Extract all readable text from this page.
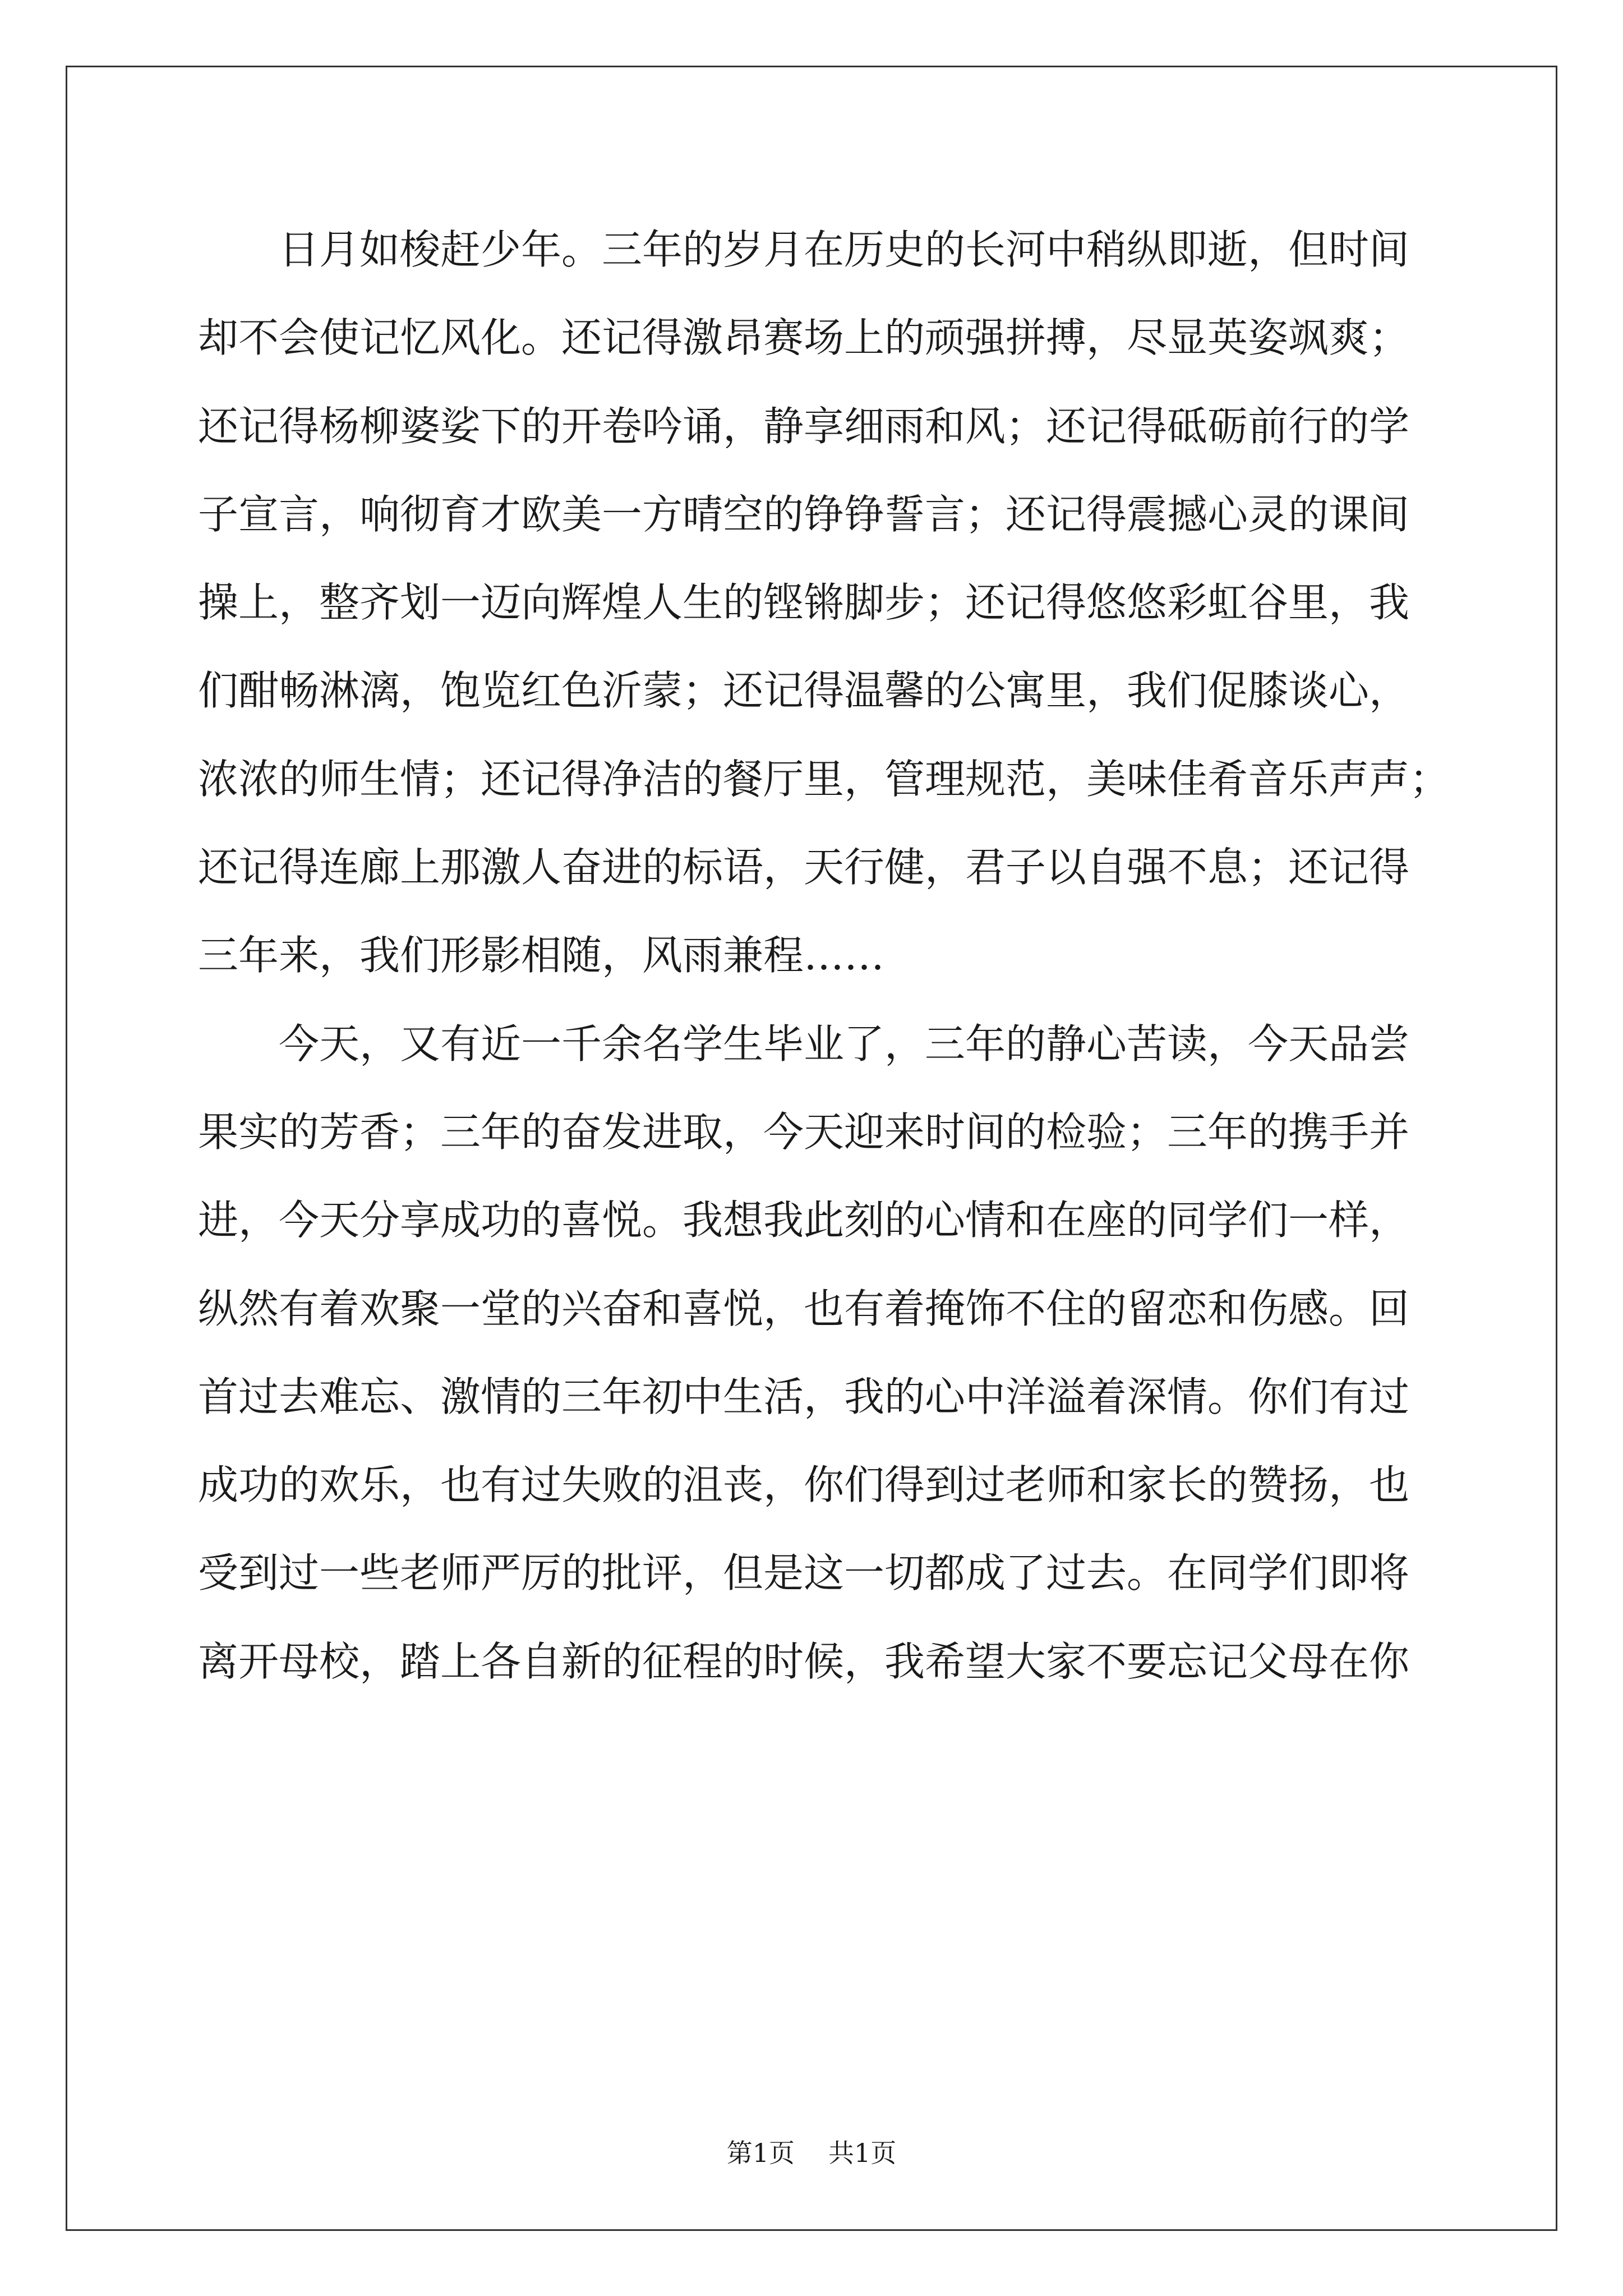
日月如梭赶少年。三年的岁月在历史的长河中稍纵即逝，但时间
却不会使记忆风化。还记得激昂赛场上的顽强拼搏，尽显英姿飒爽；
还记得杨柳婆娑下的开卷吟诵，静享细雨和风；还记得砥砺前行的学
子宣言，响彻育才欧美一方晴空的铮铮誓言；还记得震撼心灵的课间
操上，整齐划一迈向辉煌人生的铿锵脚步；还记得悠悠彩虹谷里，我
们酣畅淋漓，饱览红色沂蒙；还记得温馨的公寓里，我们促膝谈心，
浓浓的师生情；还记得净洁的餐厅里，管理规范，美味佳肴音乐声声；
还记得连廊上那激人奋进的标语，天行健，君子以自强不息；还记得
三年来，我们形影相随，风雨兼程……
今天，又有近一千余名学生毕业了，三年的静心苦读，今天品尝
果实的芳香；三年的奋发进取，今天迎来时间的检验；三年的携手并
进，今天分享成功的喜悦。我想我此刻的心情和在座的同学们一样，
纵然有着欢聚一堂的兴奋和喜悦，也有着掩饰不住的留恋和伤感。回
首过去难忘、激情的三年初中生活，我的心中洋溢着深情。你们有过
成功的欢乐，也有过失败的沮丧，你们得到过老师和家长的赞扬，也
受到过一些老师严厉的批评，但是这一切都成了过去。在同学们即将
离开母校，踏上各自新的征程的时候，我希望大家不要忘记父母在你
第1页 共1页
